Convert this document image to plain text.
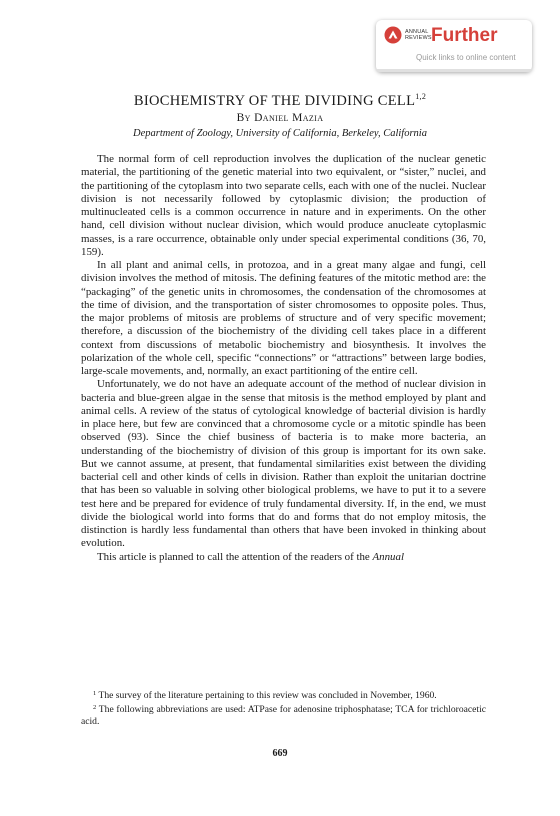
ANNUAL
REVIEWS Further
Quick links to online content
BIOCHEMISTRY OF THE DIVIDING CELL$^{1,2}$
By Daniel Mazia
Department of Zoology, University of California, Berkeley, California

The normal form of cell reproduction involves the duplication of the nuclear genetic material, the partitioning of the genetic material into two equivalent, or “sister,” nuclei, and the partitioning of the cytoplasm into two separate cells, each with one of the nuclei. Nuclear division is not necessarily followed by cytoplasmic division; the production of multinucleated cells is a common occurrence in nature and in experiments. On the other hand, cell division without nuclear division, which would produce anucleate cytoplasmic masses, is a rare occurrence, obtainable only under special experimental conditions (36, 70, 159).

In all plant and animal cells, in protozoa, and in a great many algae and fungi, cell division involves the method of mitosis. The defining features of the mitotic method are: the “packaging” of the genetic units in chromosomes, the condensation of the chromosomes at the time of division, and the transportation of sister chromosomes to opposite poles. Thus, the major problems of mitosis are problems of structure and of very specific movement; therefore, a discussion of the biochemistry of the dividing cell takes place in a different context from discussions of metabolic biochemistry and biosynthesis. It involves the polarization of the whole cell, specific “connections” or “attractions” between large bodies, large-scale movements, and, normally, an exact partitioning of the entire cell.

Unfortunately, we do not have an adequate account of the method of nuclear division in bacteria and blue-green algae in the sense that mitosis is the method employed by plant and animal cells. A review of the status of cytological knowledge of bacterial division is hardly in place here, but few are convinced that a chromosome cycle or a mitotic spindle has been observed (93). Since the chief business of bacteria is to make more bacteria, an understanding of the biochemistry of division of this group is important for its own sake. But we cannot assume, at present, that fundamental similarities exist between the dividing bacterial cell and other kinds of cells in division. Rather than exploit the unitarian doctrine that has been so valuable in solving other biological problems, we have to put it to a severe test here and be prepared for evidence of truly fundamental diversity. If, in the end, we must divide the biological world into forms that do and forms that do not employ mitosis, the distinction is hardly less fundamental than others that have been invoked in thinking about evolution.

This article is planned to call the attention of the readers of the Annual

$^1$ The survey of the literature pertaining to this review was concluded in November, 1960.

$^2$ The following abbreviations are used: ATPase for adenosine triphosphatase; TCA for trichloroacetic acid.

669
